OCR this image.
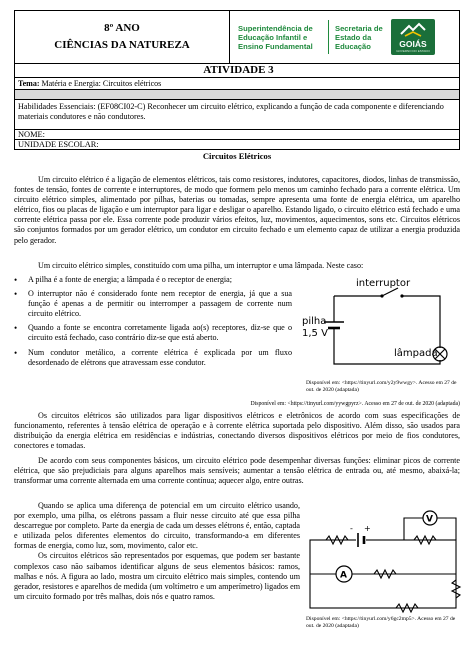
8º ANO
CIÊNCIAS DA NATUREZA
Superintendência de Educação Infantil e Ensino Fundamental
Secretaria de Estado da Educação	GOIÁS
GOVERNO DO ESTADO
ATIVIDADE 3
Tema: Matéria e Energia: Circuitos elétricos
Habilidades Essenciais: (EF08CI02-C) Reconhecer um circuito elétrico, explicando a função de cada componente e diferenciando materiais condutores e não condutores.
NOME:
UNIDADE ESCOLAR:
Circuitos Elétricos

Um circuito elétrico é a ligação de elementos elétricos, tais como resistores, indutores, capacitores, diodos, linhas de transmissão, fontes de tensão, fontes de corrente e interruptores, de modo que formem pelo menos um caminho fechado para a corrente elétrica. Um circuito elétrico simples, alimentado por pilhas, baterias ou tomadas, sempre apresenta uma fonte de energia elétrica, um aparelho elétrico, fios ou placas de ligação e um interruptor para ligar e desligar o aparelho. Estando ligado, o circuito elétrico está fechado e uma corrente elétrica passa por ele. Essa corrente pode produzir vários efeitos, luz, movimentos, aquecimentos, sons etc. Circuitos elétricos são conjuntos formados por um gerador elétrico, um condutor em circuito fechado e um elemento capaz de utilizar a energia produzida pelo gerador.

Um circuito elétrico simples, constituído com uma pilha, um interruptor e uma lâmpada. Neste caso:

•	A pilha é a fonte de energia; a lâmpada é o receptor de energia;
•	O interruptor não é considerado fonte nem receptor de energia, já que a sua função é apenas a de permitir ou interromper a passagem de corrente num circuito elétrico.
•	Quando a fonte se encontra corretamente ligada ao(s) receptores, diz-se que o circuito está fechado, caso contrário diz-se que está aberto.
•	Num condutor metálico, a corrente elétrica é explicada por um fluxo desordenado de elétrons que atravessam esse condutor.
interruptor
pilha
1,5 V
lâmpada
Disponível em: <https://tinyurl.com/y2y9wwgy>. Acesso em 27 de out. de 2020 (adaptada)
Disponível em: <https://tinyurl.com/yywgpyrz>. Acesso em 27 de out. de 2020 (adaptada)

Os circuitos elétricos são utilizados para ligar dispositivos elétricos e eletrônicos de acordo com suas especificações de funcionamento, referentes à tensão elétrica de operação e à corrente elétrica suportada pelo dispositivo. Além disso, são usados para distribuição da energia elétrica em residências e indústrias, conectando diversos dispositivos elétricos por meio de fios condutores, conectores e tomadas.

De acordo com seus componentes básicos, um circuito elétrico pode desempenhar diversas funções: eliminar picos de corrente elétrica, que são prejudiciais para alguns aparelhos mais sensíveis; aumentar a tensão elétrica de entrada ou, até mesmo, abaixá-la; transformar uma corrente alternada em uma corrente contínua; aquecer algo, entre outras.

Quando se aplica uma diferença de potencial em um circuito elétrico usando, por exemplo, uma pilha, os elétrons passam a fluir nesse circuito até que essa pilha descarregue por completo. Parte da energia de cada um desses elétrons é, então, captada e utilizada pelos diferentes elementos do circuito, transformando-a em diferentes formas de energia, como luz, som, movimento, calor etc.

Os circuitos elétricos são representados por esquemas, que podem ser bastante complexos caso não saibamos identificar alguns de seus elementos básicos: ramos, malhas e nós. A figura ao lado, mostra um circuito elétrico mais simples, contendo um gerador, resistores e aparelhos de medida (um voltímetro e um amperímetro) ligados em um circuito formado por três malhas, dois nós e quatro ramos.

- +
V
A
Disponível em: <https://tinyurl.com/y6gc2mp5>. Acesso em 27 de out. de 2020 (adaptada)
